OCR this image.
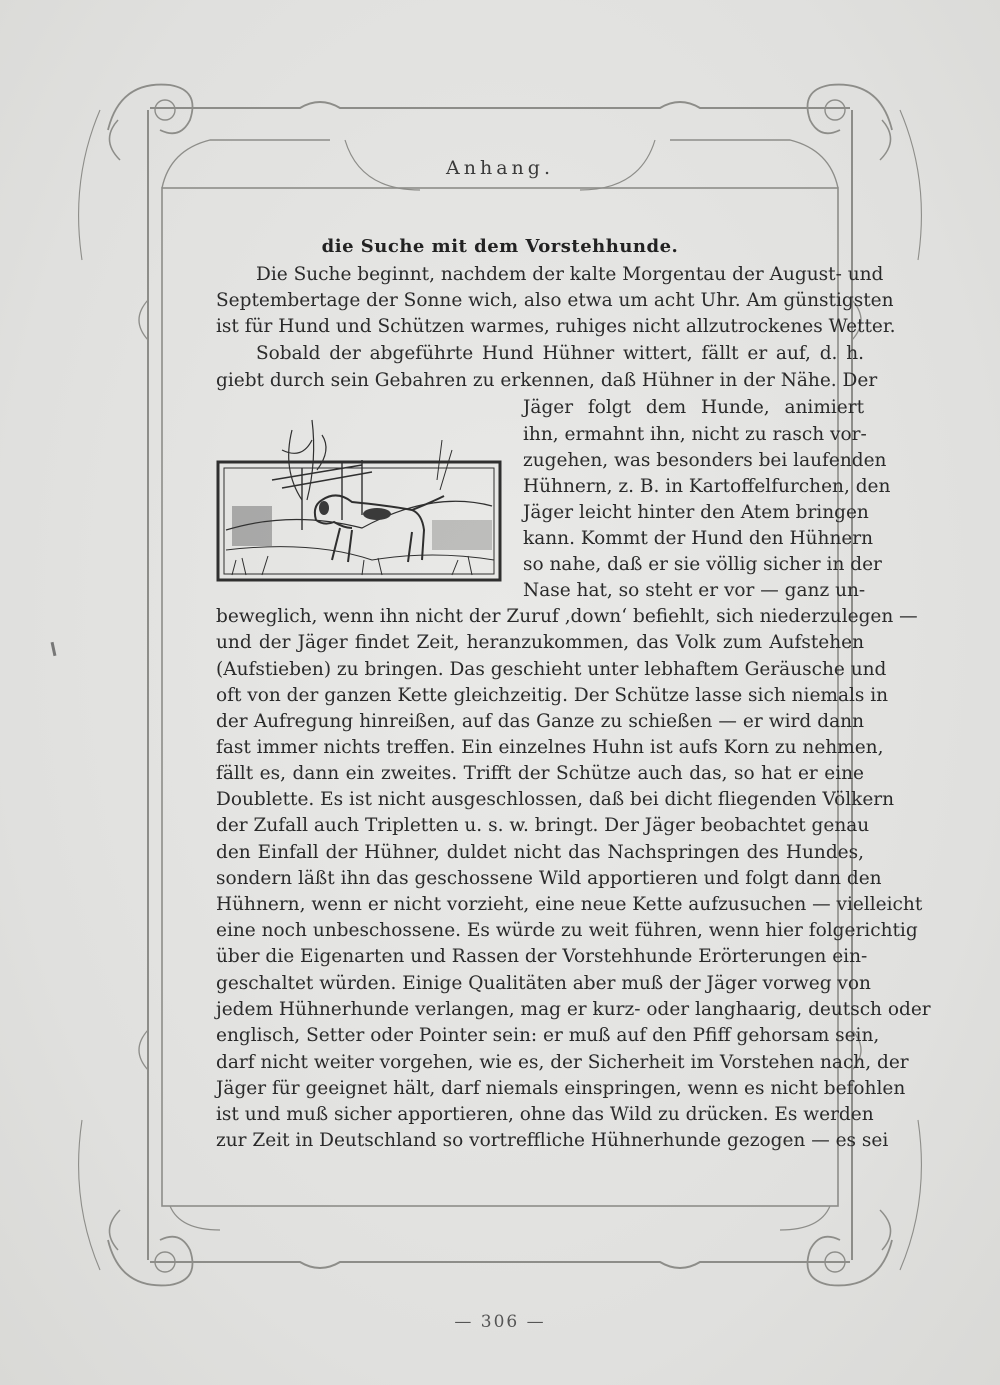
Anhang.
die Suche mit dem Vorstehhunde.
Die Suche beginnt, nachdem der kalte Morgentau der August- und
Septembertage der Sonne wich, also etwa um acht Uhr. Am günstigsten
ist für Hund und Schützen warmes, ruhiges nicht allzutrockenes Wetter.
Sobald der abgeführte Hund Hühner wittert, fällt er auf, d. h.
giebt durch sein Gebahren zu erkennen, daß Hühner in der Nähe. Der
Jäger folgt dem Hunde, animiert
ihn, ermahnt ihn, nicht zu rasch vor-
zugehen, was besonders bei laufenden
Hühnern, z. B. in Kartoffelfurchen, den
Jäger leicht hinter den Atem bringen
kann. Kommt der Hund den Hühnern
so nahe, daß er sie völlig sicher in der
Nase hat, so steht er vor — ganz un-
beweglich, wenn ihn nicht der Zuruf ‚down‘ befiehlt, sich niederzulegen —
und der Jäger findet Zeit, heranzukommen, das Volk zum Aufstehen
(Aufstieben) zu bringen. Das geschieht unter lebhaftem Geräusche und
oft von der ganzen Kette gleichzeitig. Der Schütze lasse sich niemals in
der Aufregung hinreißen, auf das Ganze zu schießen — er wird dann
fast immer nichts treffen. Ein einzelnes Huhn ist aufs Korn zu nehmen,
fällt es, dann ein zweites. Trifft der Schütze auch das, so hat er eine
Doublette. Es ist nicht ausgeschlossen, daß bei dicht fliegenden Völkern
der Zufall auch Tripletten u. s. w. bringt. Der Jäger beobachtet genau
den Einfall der Hühner, duldet nicht das Nachspringen des Hundes,
sondern läßt ihn das geschossene Wild apportieren und folgt dann den
Hühnern, wenn er nicht vorzieht, eine neue Kette aufzusuchen — vielleicht
eine noch unbeschossene. Es würde zu weit führen, wenn hier folgerichtig
über die Eigenarten und Rassen der Vorstehhunde Erörterungen ein-
geschaltet würden. Einige Qualitäten aber muß der Jäger vorweg von
jedem Hühnerhunde verlangen, mag er kurz- oder langhaarig, deutsch oder
englisch, Setter oder Pointer sein: er muß auf den Pfiff gehorsam sein,
darf nicht weiter vorgehen, wie es, der Sicherheit im Vorstehen nach, der
Jäger für geeignet hält, darf niemals einspringen, wenn es nicht befohlen
ist und muß sicher apportieren, ohne das Wild zu drücken. Es werden
zur Zeit in Deutschland so vortreffliche Hühnerhunde gezogen — es sei
— 306 —
